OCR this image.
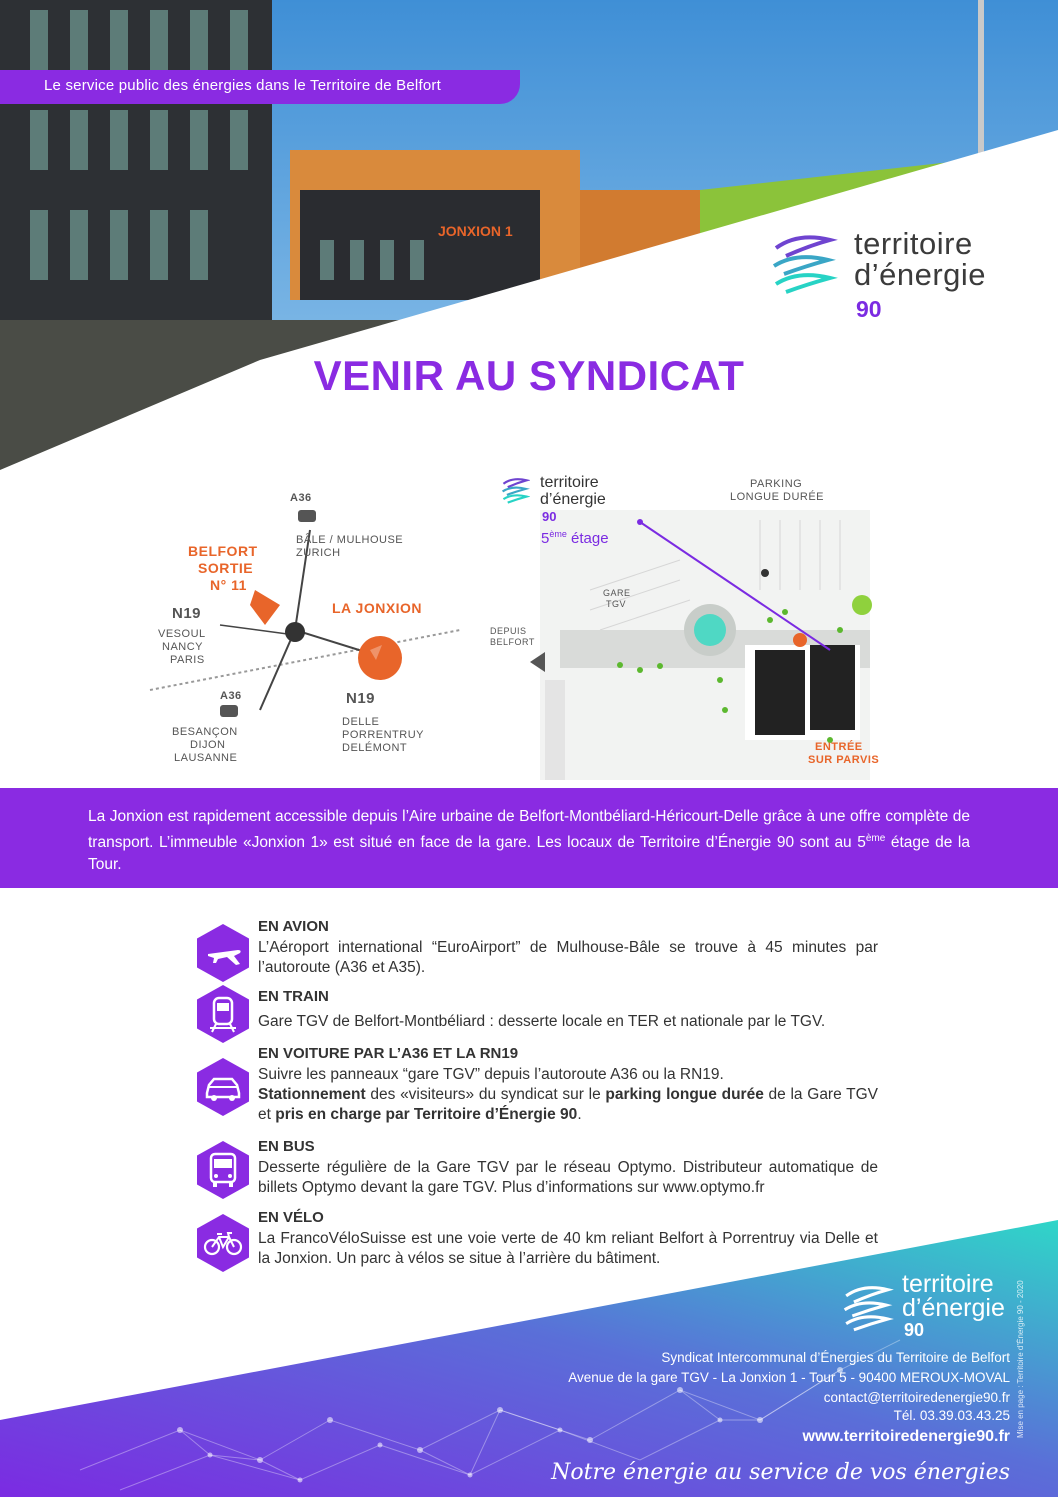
JONXION 1
Le service public des énergies dans le Territoire de Belfort
territoire
d’énergie
90
VENIR AU SYNDICAT
A36
BÂLE / MULHOUSE
ZURICH
BELFORT
SORTIE
N° 11
N19
VESOUL
NANCY
PARIS
LA JONXION
A36
BESANÇON
DIJON
LAUSANNE
N19
DELLE
PORRENTRUY
DELÉMONT
territoire
d’énergie
90
5ème étage
PARKING
LONGUE DURÉE
GARE
TGV
DEPUIS
BELFORT
ENTRÉE
SUR PARVIS

La Jonxion est rapidement accessible depuis l’Aire urbaine de Belfort-Montbéliard-Héricourt-Delle grâce à une offre complète de transport. L’immeuble «Jonxion 1» est situé en face de la gare. Les locaux de Territoire d’Énergie 90 sont au 5ème étage de la Tour.

EN AVION

L’Aéroport international “EuroAirport” de Mulhouse-Bâle se trouve à 45 minutes par l’autoroute (A36 et A35).

EN TRAIN

Gare TGV de Belfort-Montbéliard : desserte locale en TER et nationale par le TGV.

EN VOITURE PAR L’A36 ET LA RN19

Suivre les panneaux “gare TGV” depuis l’autoroute A36 ou la RN19.
Stationnement des «visiteurs» du syndicat sur le parking longue durée de la Gare TGV et pris en charge par Territoire d’Énergie 90.

EN BUS

Desserte régulière de la Gare TGV par le réseau Optymo. Distributeur automatique de billets Optymo devant la gare TGV. Plus d’informations sur www.optymo.fr

EN VÉLO

La FrancoVéloSuisse est une voie verte de 40 km reliant Belfort à Porrentruy via Delle et la Jonxion. Un parc à vélos se situe à l’arrière du bâtiment.

territoire
d’énergie
90
Syndicat Intercommunal d’Énergies du Territoire de Belfort
Avenue de la gare TGV - La Jonxion 1 - Tour 5 - 90400 MEROUX-MOVAL
contact@territoiredenergie90.fr
Tél. 03.39.03.43.25
www.territoiredenergie90.fr
Notre énergie au service de vos énergies
Mise en page : Territoire d’Énergie 90 - 2020
